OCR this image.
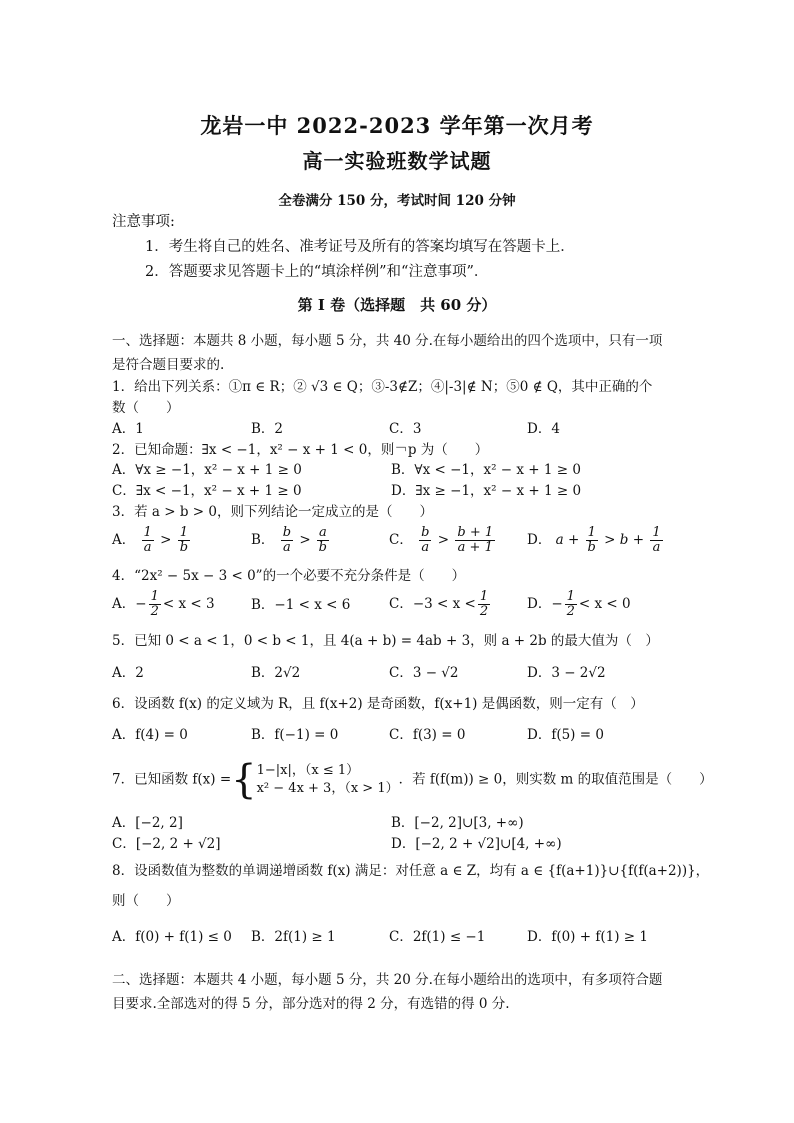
龙岩一中 2022-2023 学年第一次月考
高一实验班数学试题
全卷满分 150 分，考试时间 120 分钟
注意事项:
1．考生将自己的姓名、准考证号及所有的答案均填写在答题卡上．
2．答题要求见答题卡上的“填涂样例”和“注意事项”．
第 I 卷（选择题　共 60 分）
一、选择题：本题共 8 小题，每小题 5 分，共 40 分.在每小题给出的四个选项中，只有一项
是符合题目要求的.
1．给出下列关系：①π ∈ R；② √3 ∈ Q；③-3∉Z；④|-3|∉ N；⑤0 ∉ Q，其中正确的个
数（　　）
A．1	B．2	C．3	D．4
2．已知命题：∃x < −1，x² − x + 1 < 0，则￢p 为（　　）
A．∀x ≥ −1，x² − x + 1 ≥ 0	B．∀x < −1，x² − x + 1 ≥ 0
C．∃x < −1，x² − x + 1 ≥ 0	D．∃x ≥ −1，x² − x + 1 ≥ 0
3．若 a > b > 0，则下列结论一定成立的是（　　）
A． $\frac{1}{a} > \frac{1}{b}$	B． $\frac{b}{a} > \frac{a}{b}$	C． $\frac{b}{a} > \frac{b + 1}{a + 1}$ D． $a + \frac{1}{b} > b + \frac{1}{a}$
4．“2x² − 5x − 3 < 0”的一个必要不充分条件是（　　）
A．− $\frac{1}{2} < x < 3$	B．−1 < x < 6	C．$-3 < x < \frac{1}{2}$	D．− $\frac{1}{2} < x < 0$
5．已知 0 < a < 1，0 < b < 1，且 4(a + b) = 4ab + 3，则 a + 2b 的最大值为（　）
A．2	B．2√2	C．3 − √2	D．3 − 2√2
6．设函数 f(x) 的定义域为 R，且 f(x+2) 是奇函数，f(x+1) 是偶函数，则一定有（　）
A．f(4) = 0	B．f(−1) = 0	C．f(3) = 0	D．f(5) = 0
7．已知函数 f(x) ={ 1−|x|，（x ≤ 1）
x² − 4x + 3，（x > 1）
．若 f(f(m)) ≥ 0，则实数 m 的取值范围是（　　）
A．[−2, 2]	B．[−2, 2]∪[3, +∞)
C．[−2, 2 + √2]	D．[−2, 2 + √2]∪[4, +∞)
8．设函数值为整数的单调递增函数 f(x) 满足：对任意 a ∈ Z，均有 a ∈ {f(a+1)}∪{f(f(a+2))}，
则（　　）
A．f(0) + f(1) ≤ 0 B．2f(1) ≥ 1	C．2f(1) ≤ −1	D．f(0) + f(1) ≥ 1
二、选择题：本题共 4 小题，每小题 5 分，共 20 分.在每小题给出的选项中，有多项符合题
目要求.全部选对的得 5 分，部分选对的得 2 分，有选错的得 0 分.
